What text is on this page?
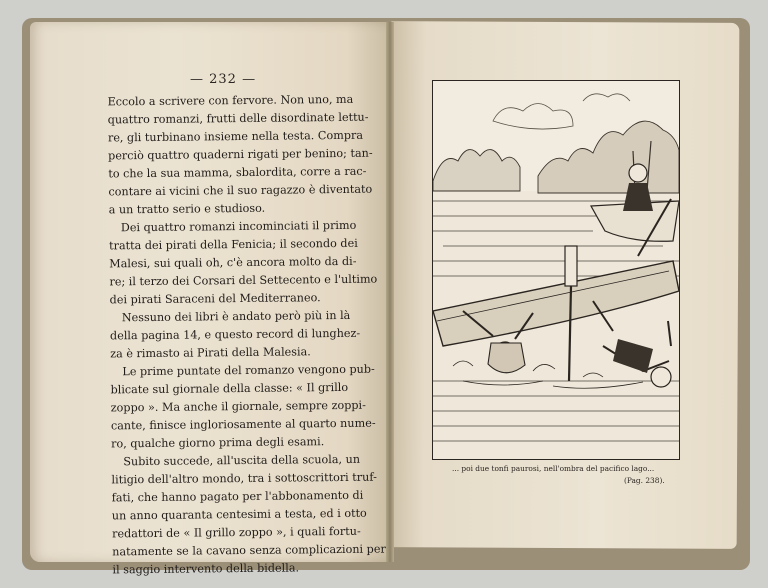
— 232 —
Eccolo a scrivere con fervore. Non uno, ma
quattro romanzi, frutti delle disordinate lettu-
re, gli turbinano insieme nella testa. Compra
perciò quattro quaderni rigati per benino; tan-
to che la sua mamma, sbalordita, corre a rac-
contare ai vicini che il suo ragazzo è diventato
a un tratto serio e studioso.
Dei quattro romanzi incominciati il primo
tratta dei pirati della Fenicia; il secondo dei
Malesi, sui quali oh, c'è ancora molto da di-
re; il terzo dei Corsari del Settecento e l'ultimo
dei pirati Saraceni del Mediterraneo.
Nessuno dei libri è andato però più in là
della pagina 14, e questo record di lunghez-
za è rimasto ai Pirati della Malesia.
Le prime puntate del romanzo vengono pub-
blicate sul giornale della classe: « Il grillo
zoppo ». Ma anche il giornale, sempre zoppi-
cante, finisce ingloriosamente al quarto nume-
ro, qualche giorno prima degli esami.
Subito succede, all'uscita della scuola, un
litigio dell'altro mondo, tra i sottoscrittori truf-
fati, che hanno pagato per l'abbonamento di
un anno quaranta centesimi a testa, ed i otto
redattori de « Il grillo zoppo », i quali fortu-
natamente se la cavano senza complicazioni per
il saggio intervento della bidella.
... poi due tonfi paurosi, nell'ombra del pacifico lago...
(Pag. 238).
